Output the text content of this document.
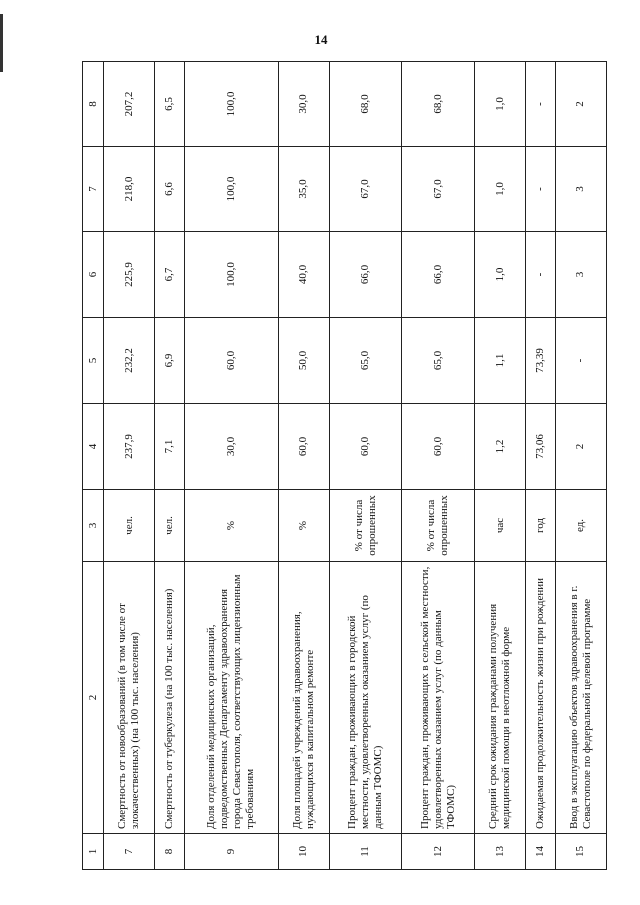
14
1	2	3	4	5	6	7	8
7	Смертность от новообразований (в том числе от злокачественных) (на 100 тыс. населения)	чел.	237,9	232,2	225,9	218,0	207,2
8	Смертность от туберкулеза (на 100 тыс. населения)	чел.	7,1	6,9	6,7	6,6	6,5
9	Доля отделений медицинских организаций, подведомственных Департаменту здравоохранения города Севастополя, соответствующих лицензионным требованиям	%	30,0	60,0	100,0	100,0	100,0
10	Доля площадей учреждений здравоохранения, нуждающихся в капитальном ремонте	%	60,0	50,0	40,0	35,0	30,0
11	Процент граждан, проживающих в городской местности, удовлетворенных оказанием услуг (по данным ТФОМС)	% от числа опрошенных	60,0	65,0	66,0	67,0	68,0
12	Процент граждан, проживающих в сельской местности, удовлетворенных оказанием услуг (по данным ТФОМС)	% от числа опрошенных	60,0	65,0	66,0	67,0	68,0
13	Средний срок ожидания гражданами получения медицинской помощи в неотложной форме	час	1,2	1,1	1,0	1,0	1,0
14	Ожидаемая продолжительность жизни при рождении	год	73,06	73,39	-	-	-
15	Ввод в эксплуатацию объектов здравоохранения в г. Севастополе по федеральной целевой программе	ед.	2	-	3	3	2
